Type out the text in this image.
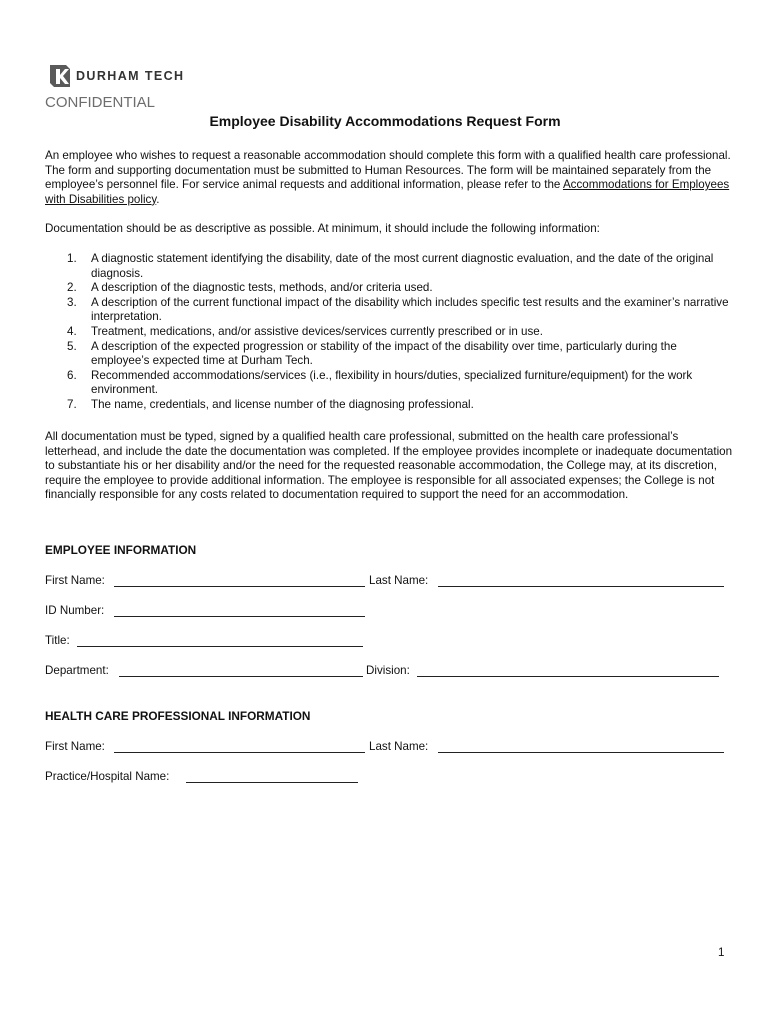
DURHAM TECH
CONFIDENTIAL
Employee Disability Accommodations Request Form
An employee who wishes to request a reasonable accommodation should complete this form with a qualified health care professional. The form and supporting documentation must be submitted to Human Resources. The form will be maintained separately from the employee’s personnel file. For service animal requests and additional information, please refer to the Accommodations for Employees with Disabilities policy.
Documentation should be as descriptive as possible. At minimum, it should include the following information:
1. A diagnostic statement identifying the disability, date of the most current diagnostic evaluation, and the date of the original diagnosis.
2. A description of the diagnostic tests, methods, and/or criteria used.
3. A description of the current functional impact of the disability which includes specific test results and the examiner’s narrative interpretation.
4. Treatment, medications, and/or assistive devices/services currently prescribed or in use.
5. A description of the expected progression or stability of the impact of the disability over time, particularly during the employee’s expected time at Durham Tech.
6. Recommended accommodations/services (i.e., flexibility in hours/duties, specialized furniture/equipment) for the work environment.
7. The name, credentials, and license number of the diagnosing professional.
All documentation must be typed, signed by a qualified health care professional, submitted on the health care professional’s letterhead, and include the date the documentation was completed. If the employee provides incomplete or inadequate documentation to substantiate his or her disability and/or the need for the requested reasonable accommodation, the College may, at its discretion, require the employee to provide additional information. The employee is responsible for all associated expenses; the College is not financially responsible for any costs related to documentation required to support the need for an accommodation.
EMPLOYEE INFORMATION
First Name:	Last Name:
ID Number:
Title:
Department:	Division:
HEALTH CARE PROFESSIONAL INFORMATION
First Name:	Last Name:
Practice/Hospital Name:
1
